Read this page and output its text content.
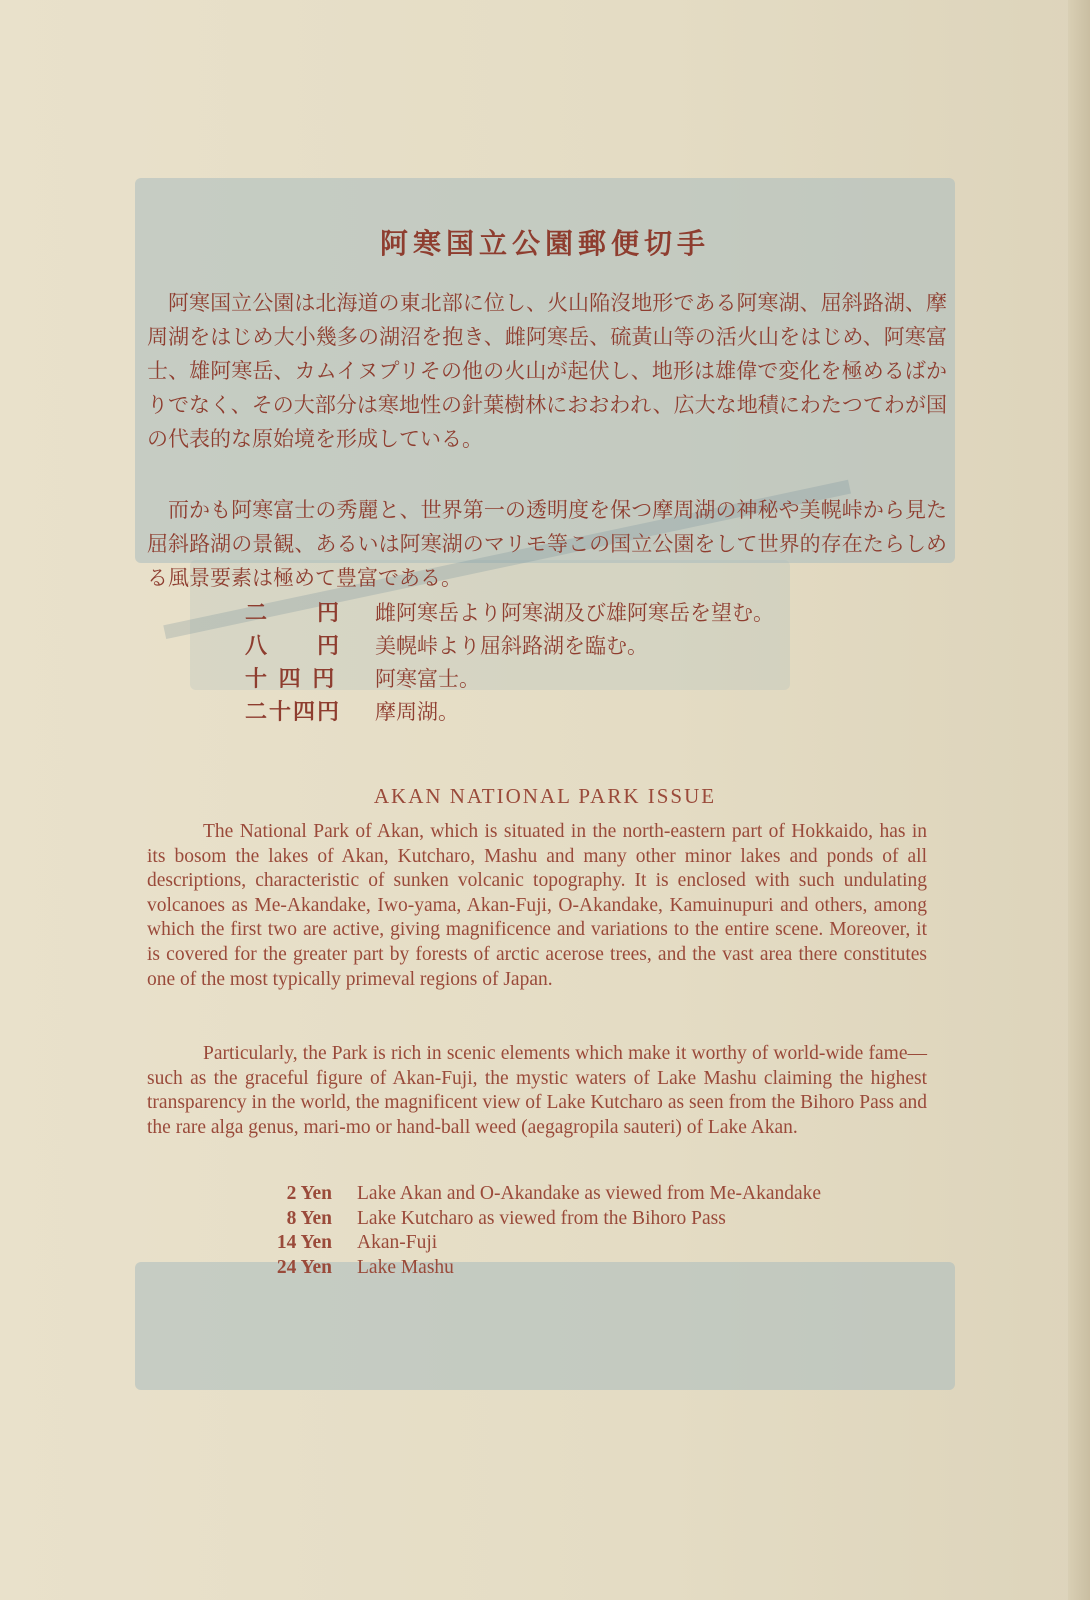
阿寒国立公園郵便切手

阿寒国立公園は北海道の東北部に位し、火山陥沒地形である阿寒湖、屈斜路湖、摩周湖をはじめ大小幾多の湖沼を抱き、雌阿寒岳、硫黃山等の活火山をはじめ、阿寒富士、雄阿寒岳、カムイヌプリその他の火山が起伏し、地形は雄偉で変化を極めるばかりでなく、その大部分は寒地性の針葉樹林におおわれ、広大な地積にわたつてわが国の代表的な原始境を形成している。

而かも阿寒富士の秀麗と、世界第一の透明度を保つ摩周湖の神秘や美幌峠から見た屈斜路湖の景観、あるいは阿寒湖のマリモ等この国立公園をして世界的存在たらしめる風景要素は極めて豊富である。

二　　円	雌阿寒岳より阿寒湖及び雄阿寒岳を望む。
八　　円	美幌峠より屈斜路湖を臨む。
十 四 円	阿寒富士。
二十四円	摩周湖。
AKAN NATIONAL PARK ISSUE

The National Park of Akan, which is situated in the north-eastern part of Hokkaido, has in its bosom the lakes of Akan, Kutcharo, Mashu and many other minor lakes and ponds of all descriptions, characteristic of sunken volcanic topography. It is enclosed with such undulating volcanoes as Me-Akandake, Iwo-yama, Akan-Fuji, O-Akandake, Kamuinupuri and others, among which the first two are active, giving magnificence and variations to the entire scene. Moreover, it is covered for the greater part by forests of arctic acerose trees, and the vast area there constitutes one of the most typically primeval regions of Japan.

Particularly, the Park is rich in scenic elements which make it worthy of world-wide fame—such as the graceful figure of Akan-Fuji, the mystic waters of Lake Mashu claiming the highest transparency in the world, the magnificent view of Lake Kutcharo as seen from the Bihoro Pass and the rare alga genus, mari-mo or hand-ball weed (aegagropila sauteri) of Lake Akan.

2 Yen	Lake Akan and O-Akandake as viewed from Me-Akandake
8 Yen	Lake Kutcharo as viewed from the Bihoro Pass
14 Yen	Akan-Fuji
24 Yen	Lake Mashu
